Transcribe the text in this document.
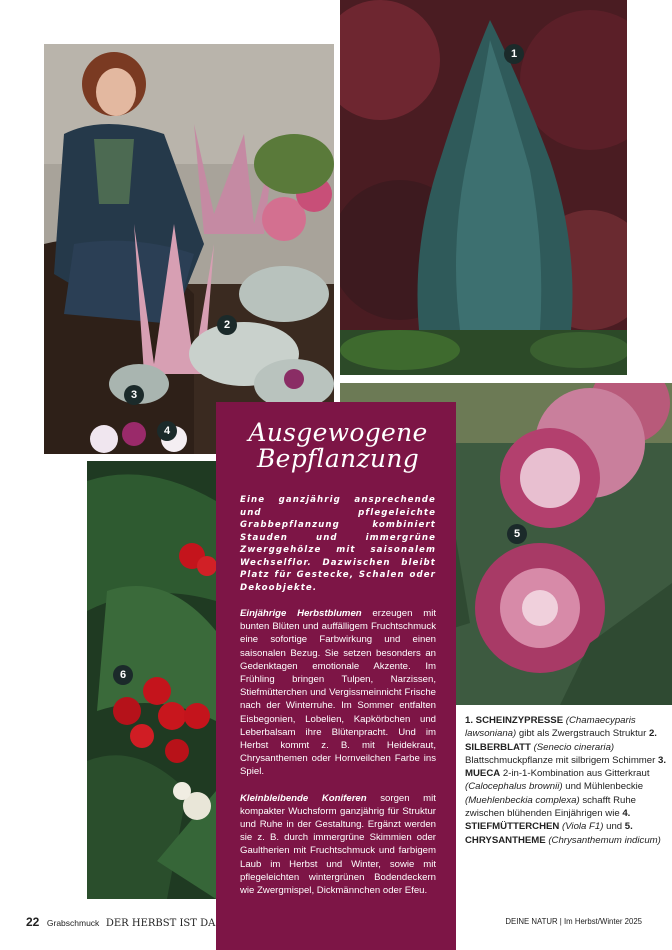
2
3
4
1
5
6
Ausgewogene
Bepflanzung

Eine ganzjährig ansprechende und pflegeleichte Grabbepflanzung kombiniert Stauden und immergrüne Zwerggehölze mit saisonalem Wechselflor. Dazwischen bleibt Platz für Gestecke, Schalen oder Dekoobjekte.

Einjährige Herbstblumen erzeugen mit bunten Blüten und auffälligem Fruchtschmuck eine sofortige Farbwirkung und einen saisonalen Bezug. Sie setzen besonders an Gedenktagen emotionale Akzente. Im Frühling bringen Tulpen, Narzissen, Stiefmütterchen und Vergissmeinnicht Frische nach der Winterruhe. Im Sommer entfalten Eisbegonien, Lobelien, Kapkörbchen und Leberbalsam ihre Blütenpracht. Und im Herbst kommt z. B. mit Heidekraut, Chrysanthemen oder Hornveilchen Farbe ins Spiel.

Kleinbleibende Koniferen sorgen mit kompakter Wuchsform ganzjährig für Struktur und Ruhe in der Gestaltung. Ergänzt werden sie z. B. durch immergrüne Skimmien oder Gaultherien mit Fruchtschmuck und farbigem Laub im Herbst und Winter, sowie mit pflegeleichten wintergrünen Bodendeckern wie Zwergmispel, Dickmännchen oder Efeu.

1. SCHEINZYPRESSE (Chamaecyparis lawsoniana) gibt als Zwergstrauch Struktur 2. SILBERBLATT (Senecio cineraria) Blattschmuckpflanze mit silbrigem Schimmer 3. MUECA 2-in-1-Kombination aus Gitterkraut (Calocephalus brownii) und Mühlenbeckie (Muehlenbeckia complexa) schafft Ruhe zwischen blühenden Einjährigen wie 4. STIEFMÜTTERCHEN (Viola F1) und 5. CHRYSANTHEME (Chrysanthemum indicum)
22 Grabschmuck DER HERBST IST DA	DEINE NATUR | Im Herbst/Winter 2025
